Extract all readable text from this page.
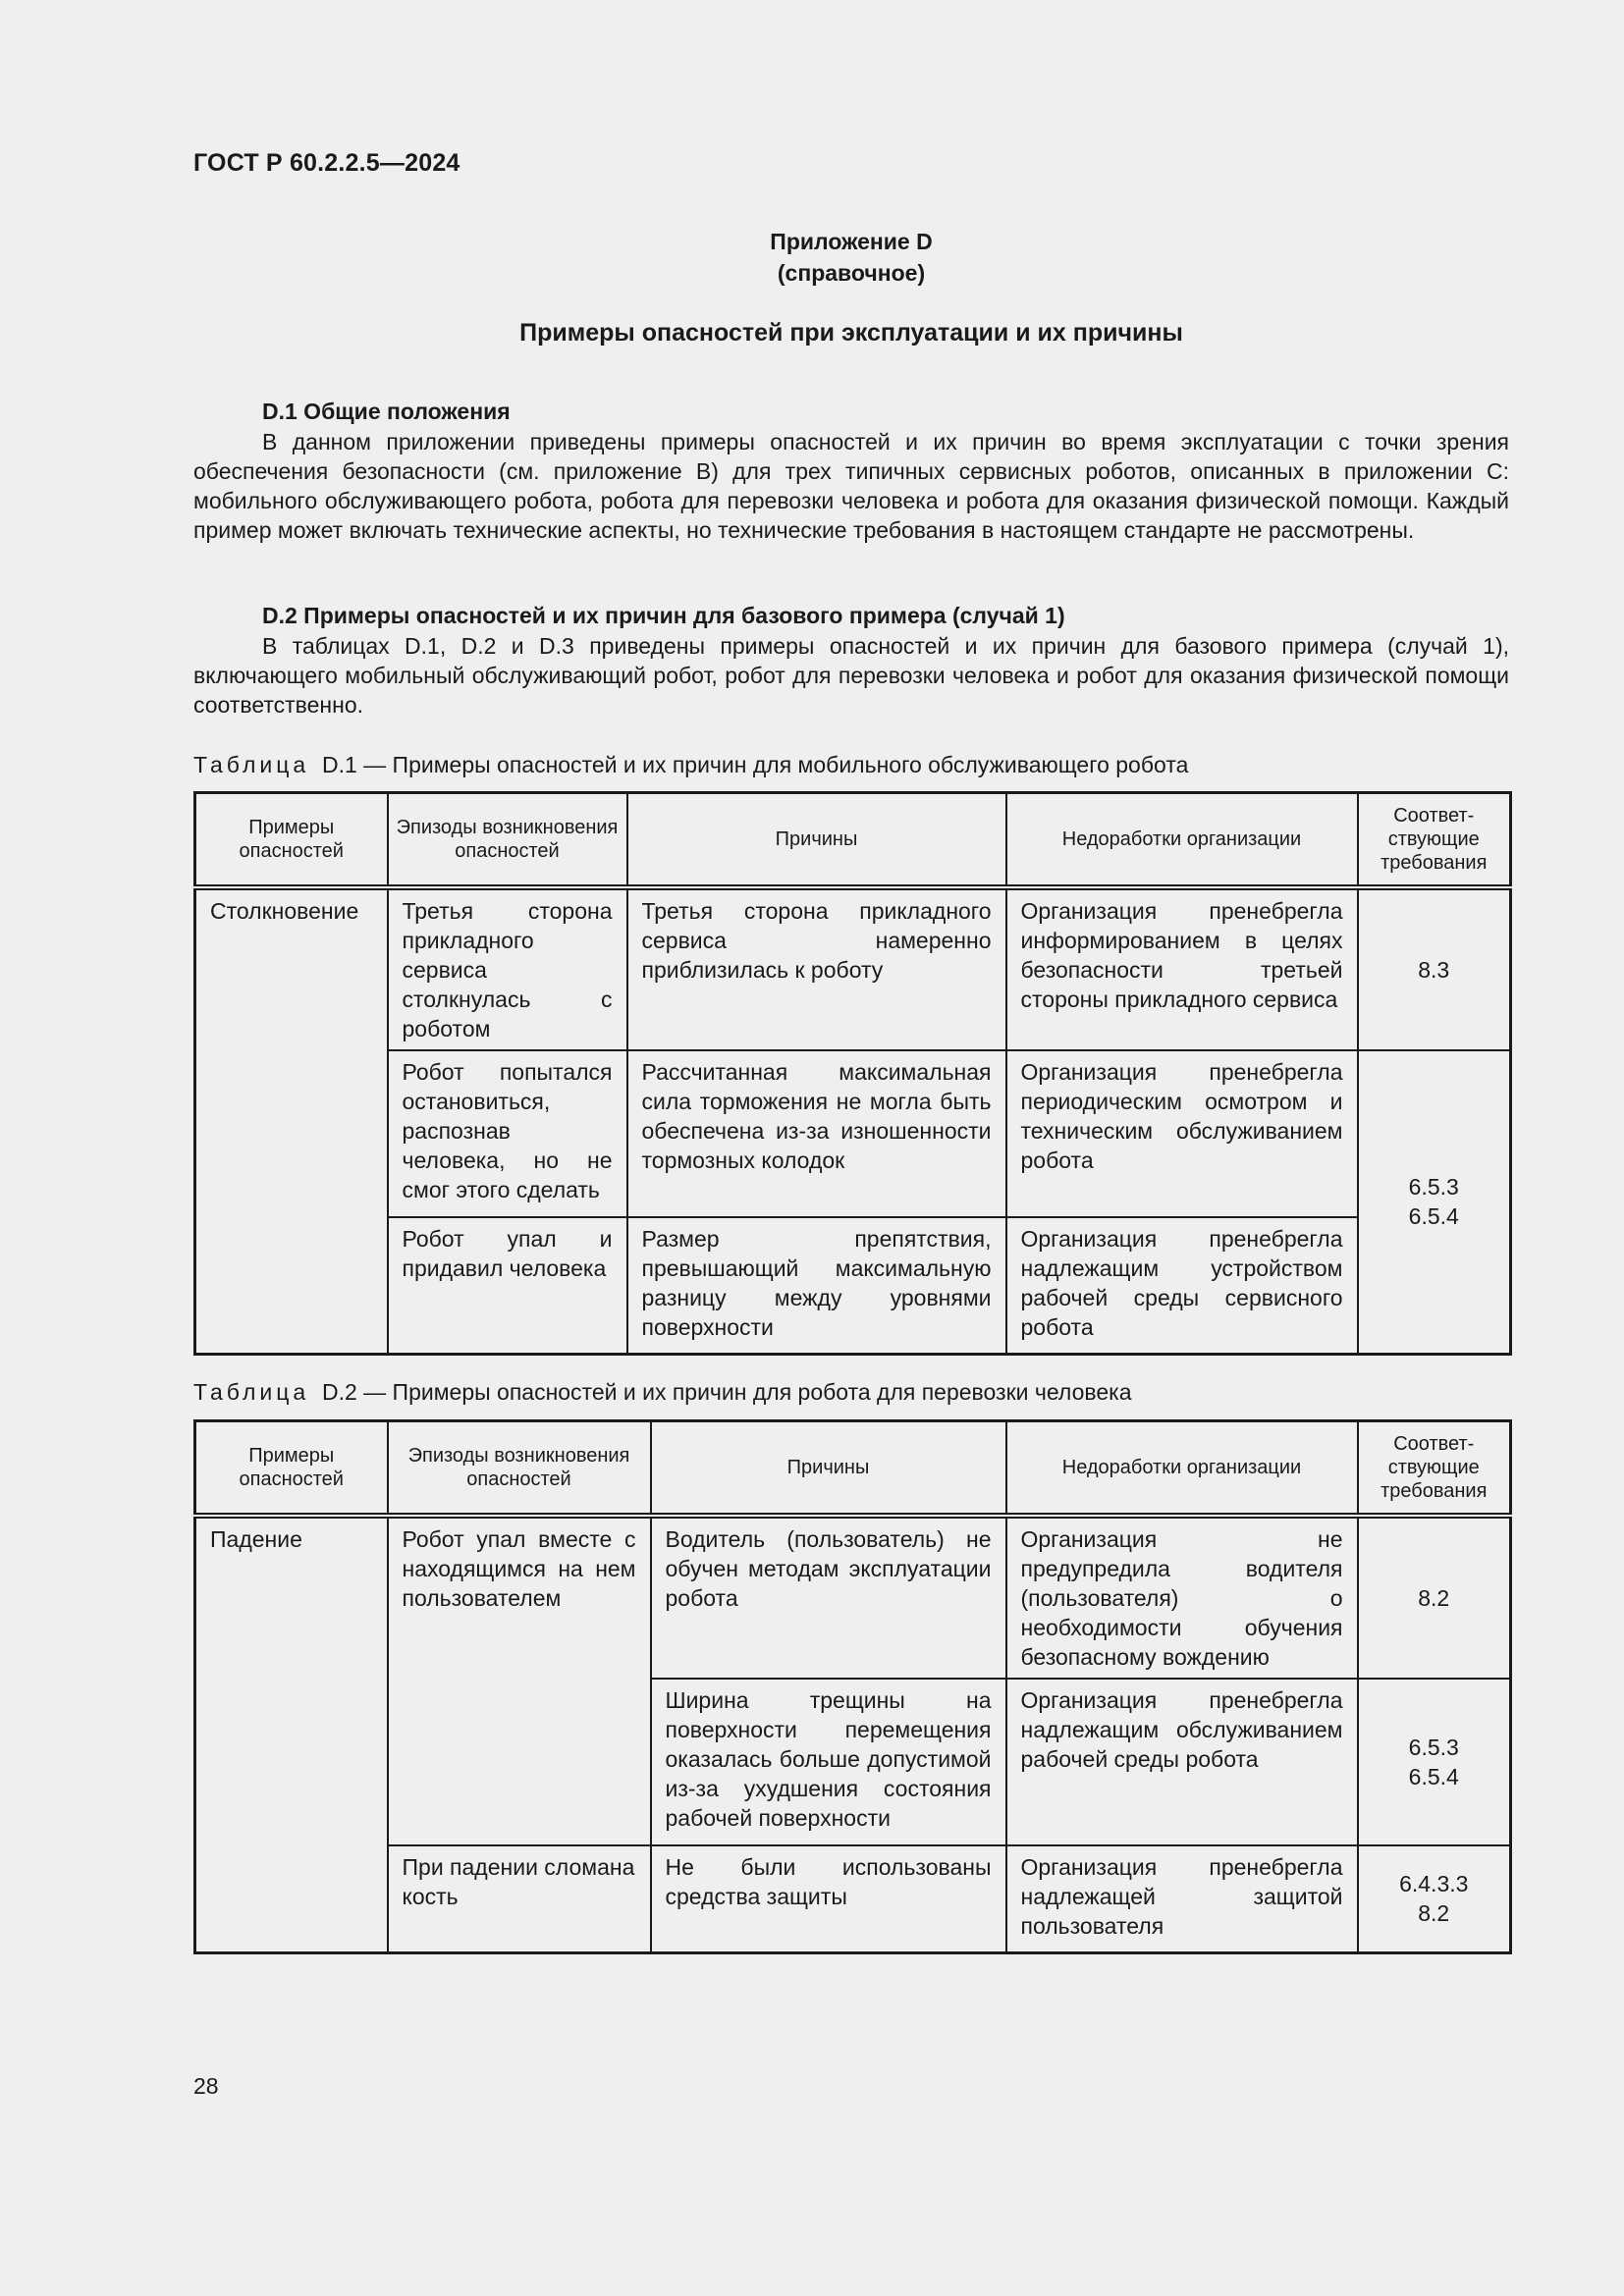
ГОСТ Р 60.2.2.5—2024
Приложение D
(справочное)
Примеры опасностей при эксплуатации и их причины
D.1 Общие положения

В данном приложении приведены примеры опасностей и их причин во время эксплуатации с точки зрения обеспечения безопасности (см. приложение B) для трех типичных сервисных роботов, описанных в приложении C: мобильного обслуживающего робота, робота для перевозки человека и робота для оказания физической помощи. Каждый пример может включать технические аспекты, но технические требования в настоящем стандарте не рассмотрены.

D.2 Примеры опасностей и их причин для базового примера (случай 1)

В таблицах D.1, D.2 и D.3 приведены примеры опасностей и их причин для базового примера (случай 1), включающего мобильный обслуживающий робот, робот для перевозки человека и робот для оказания физической помощи соответственно.

Таблица D.1 — Примеры опасностей и их причин для мобильного обслуживающего робота
Примеры опасностей	Эпизоды возникновения опасностей	Причины	Недоработки организации	Соответ-ствующие требования
Столкновение	Третья сторона прикладного сервиса столкнулась с роботом	Третья сторона прикладного сервиса намеренно приблизилась к роботу	Организация пренебрегла информированием в целях безопасности третьей стороны прикладного сервиса	8.3

	Робот попытался остановиться, распознав человека, но не смог этого сделать	Рассчитанная максимальная сила торможения не могла быть обеспечена из-за изношенности тормозных колодок	Организация пренебрегла периодическим осмотром и техническим обслуживанием робота	6.5.3
6.5.4

	Робот упал и придавил человека	Размер препятствия, превышающий максимальную разницу между уровнями поверхности	Организация пренебрегла надлежащим устройством рабочей среды сервисного робота	
Таблица D.2 — Примеры опасностей и их причин для робота для перевозки человека
Примеры опасностей	Эпизоды возникновения опасностей	Причины	Недоработки организации	Соответ-ствующие требования
Падение	Робот упал вместе с находящимся на нем пользователем	Водитель (пользователь) не обучен методам эксплуатации робота	Организация не предупредила водителя (пользователя) о необходимости обучения безопасному вождению	8.2

		Ширина трещины на поверхности перемещения оказалась больше допустимой из-за ухудшения состояния рабочей поверхности	Организация пренебрегла надлежащим обслуживанием рабочей среды робота	6.5.3
6.5.4

	При падении сломана кость	Не были использованы средства защиты	Организация пренебрегла надлежащей защитой пользователя	6.4.3.3
8.2
28
